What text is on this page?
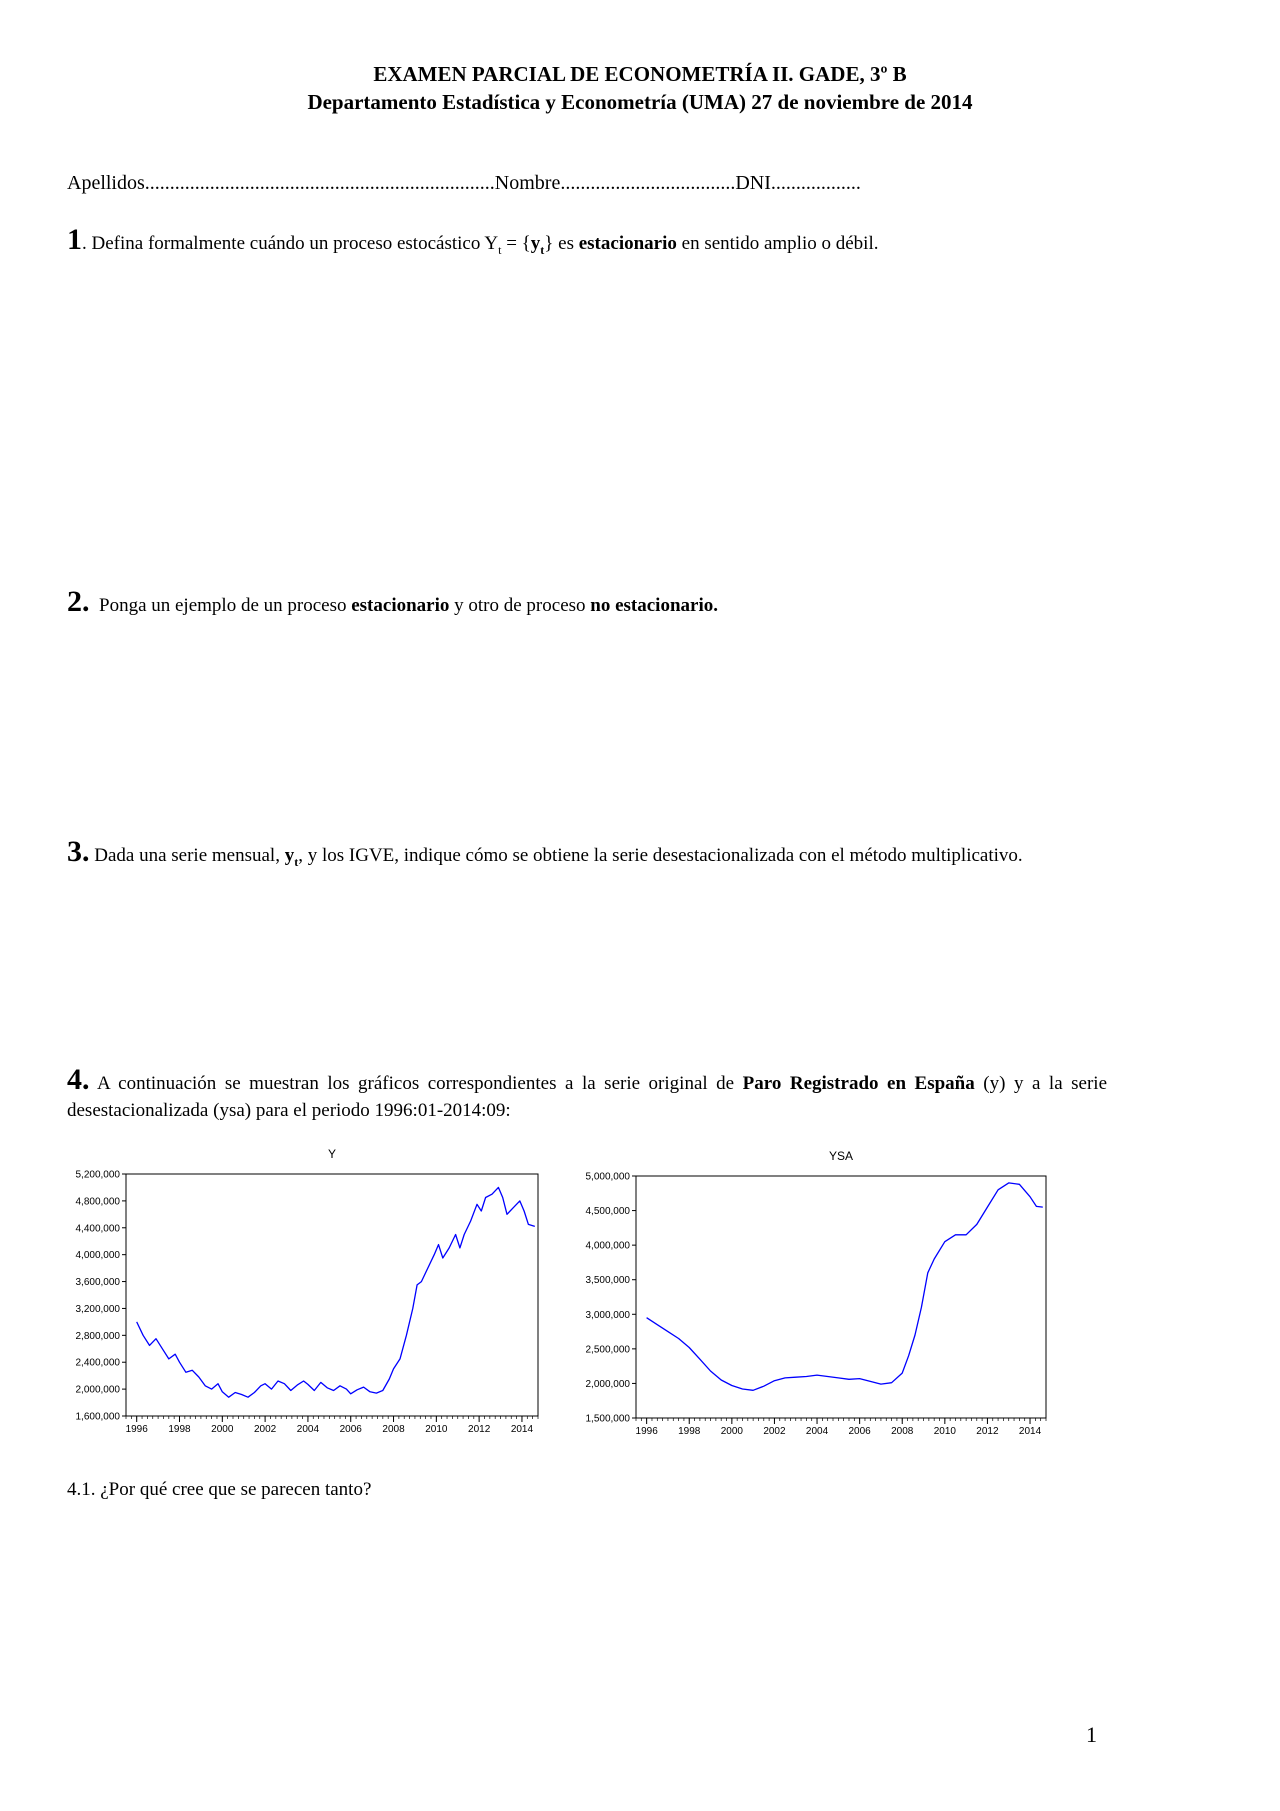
EXAMEN PARCIAL DE ECONOMETRÍA II. GADE, 3º B
Departamento Estadística y Econometría (UMA) 27 de noviembre de 2014
Apellidos......................................................................Nombre...................................DNI..................
1. Defina formalmente cuándo un proceso estocástico $Y_t = \{y_t\}$ es estacionario en sentido amplio o débil.
2. Ponga un ejemplo de un proceso estacionario y otro de proceso no estacionario.
3. Dada una serie mensual, $y_t$, y los IGVE, indique cómo se obtiene la serie desestacionalizada con el método multiplicativo.
4. A continuación se muestran los gráficos correspondientes a la serie original de Paro Registrado en España (y) y a la serie desestacionalizada (ysa) para el periodo 1996:01-2014:09:
Y
1,600,000
2,000,000
2,400,000
2,800,000
3,200,000
3,600,000
4,000,000
4,400,000
4,800,000
5,200,000
1996 1998 2000 2002 2004 2006 2008 2010 2012 2014
YSA
1,500,000
2,000,000
2,500,000
3,000,000
3,500,000
4,000,000
4,500,000
5,000,000
1996 1998 2000 2002 2004 2006 2008 2010 2012 2014
4.1. ¿Por qué cree que se parecen tanto?
1
